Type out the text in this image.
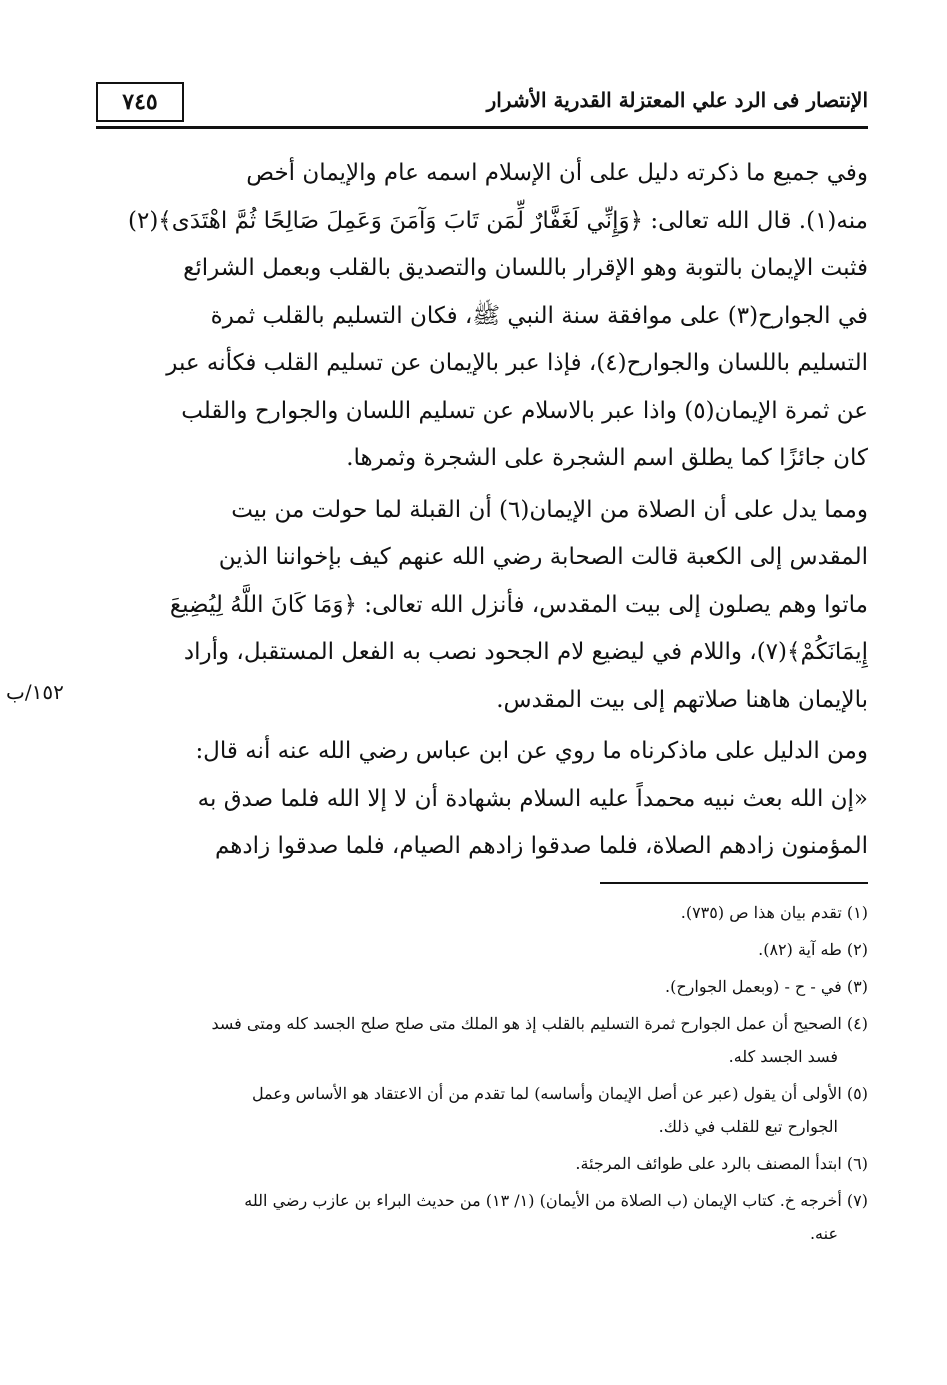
الإنتصار فى الرد علي المعتزلة القدرية الأشرار
٧٤٥
١٥٢/ب

وفي جميع ما ذكرته دليل على أن الإسلام اسمه عام والإيمان أخص

منه(١). قال الله تعالى: ﴿وَإِنِّي لَغَفَّارٌ لِّمَن تَابَ وَآمَنَ وَعَمِلَ صَالِحًا ثُمَّ اهْتَدَى﴾(٢)

فثبت الإيمان بالتوبة وهو الإقرار باللسان والتصديق بالقلب وبعمل الشرائع

في الجوارح(٣) على موافقة سنة النبي ﷺ، فكان التسليم بالقلب ثمرة

التسليم باللسان والجوارح(٤)، فإذا عبر بالإيمان عن تسليم القلب فكأنه عبر

عن ثمرة الإيمان(٥) واذا عبر بالاسلام عن تسليم اللسان والجوارح والقلب

كان جائزًا كما يطلق اسم الشجرة على الشجرة وثمرها.

ومما يدل على أن الصلاة من الإيمان(٦) أن القبلة لما حولت من بيت

المقدس إلى الكعبة قالت الصحابة رضي الله عنهم كيف بإخواننا الذين

ماتوا وهم يصلون إلى بيت المقدس، فأنزل الله تعالى: ﴿وَمَا كَانَ اللَّهُ لِيُضِيعَ

إِيمَانَكُمْ﴾(٧)، واللام في ليضيع لام الجحود نصب به الفعل المستقبل، وأراد

بالإيمان هاهنا صلاتهم إلى بيت المقدس.

ومن الدليل على ماذكرناه ما روي عن ابن عباس رضي الله عنه أنه قال:

«إن الله بعث نبيه محمداً عليه السلام بشهادة أن لا إلا الله فلما صدق به

المؤمنون زادهم الصلاة، فلما صدقوا زادهم الصيام، فلما صدقوا زادهم

(١) تقدم بيان هذا ص (٧٣٥).
(٢) طه آية (٨٢).
(٣) في - ح - (وبعمل الجوارح).
(٤) الصحيح أن عمل الجوارح ثمرة التسليم بالقلب إذ هو الملك متى صلح صلح الجسد كله ومتى فسد
فسد الجسد كله.
(٥) الأولى أن يقول (عبر عن أصل الإيمان وأساسه) لما تقدم من أن الاعتقاد هو الأساس وعمل
الجوارح تبع للقلب في ذلك.
(٦) ابتدأ المصنف بالرد على طوائف المرجئة.
(٧) أخرجه خ. كتاب الإيمان (ب الصلاة من الأيمان) (١/ ١٣) من حديث البراء بن عازب رضي الله
عنه.
